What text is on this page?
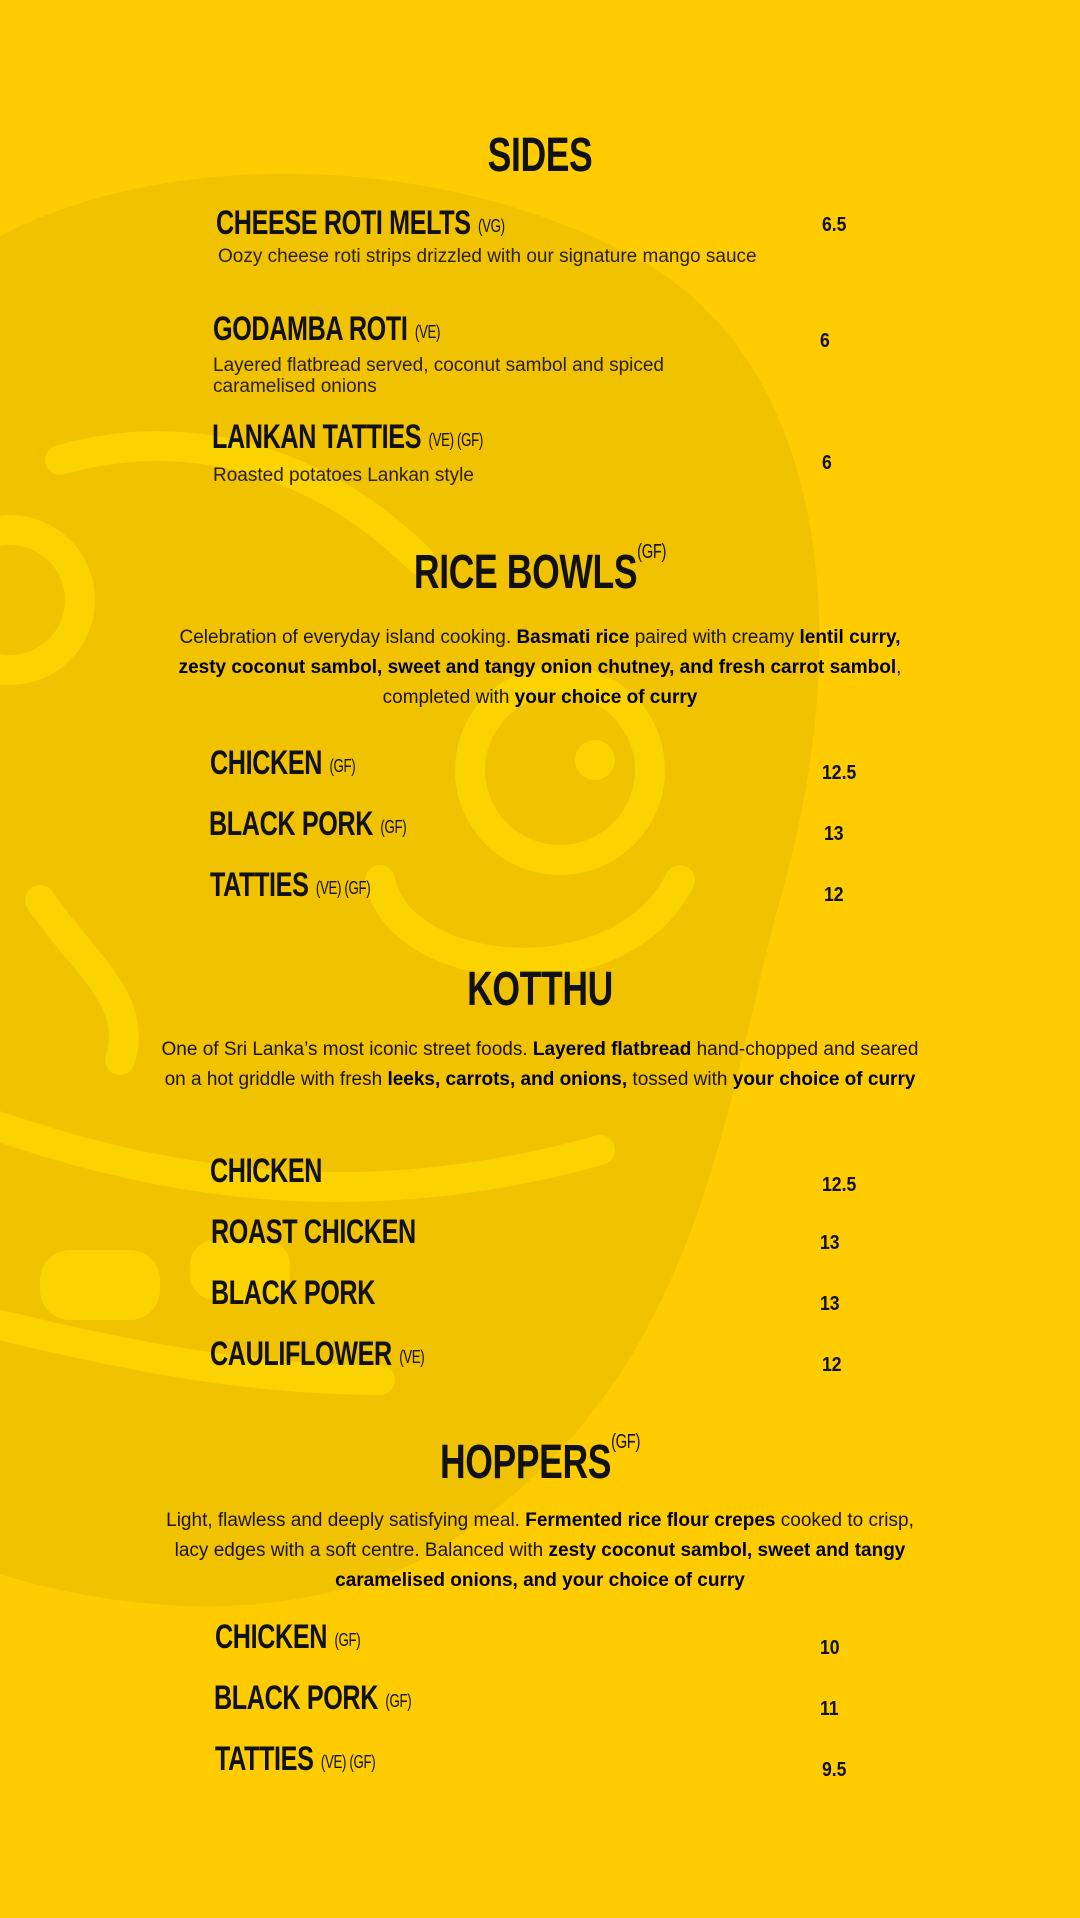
SIDES
CHEESE ROTI MELTS (VG)
Oozy cheese roti strips drizzled with our signature mango sauce
6.5
GODAMBA ROTI (VE)
Layered flatbread served, coconut sambol and spiced caramelised onions
6
LANKAN TATTIES (VE) (GF)
Roasted potatoes Lankan style
6
RICE $BOWLS^{(GF)}$
Celebration of everyday island cooking. Basmati rice paired with creamy lentil curry, zesty coconut sambol, sweet and tangy onion chutney, and fresh carrot sambol, completed with your choice of curry
CHICKEN (GF)	12.5
BLACK PORK (GF)	13
TATTIES (VE) (GF)	12
KOTTHU
One of Sri Lanka’s most iconic street foods. Layered flatbread hand-chopped and seared on a hot griddle with fresh leeks, carrots, and onions, tossed with your choice of curry
CHICKEN	12.5
ROAST CHICKEN	13
BLACK PORK	13
CAULIFLOWER (VE)	12
$HOPPERS^{(GF)}$
Light, flawless and deeply satisfying meal. Fermented rice flour crepes cooked to crisp, lacy edges with a soft centre. Balanced with zesty coconut sambol, sweet and tangy caramelised onions, and your choice of curry
CHICKEN (GF)	10
BLACK PORK (GF)	11
TATTIES (VE) (GF)	9.5
